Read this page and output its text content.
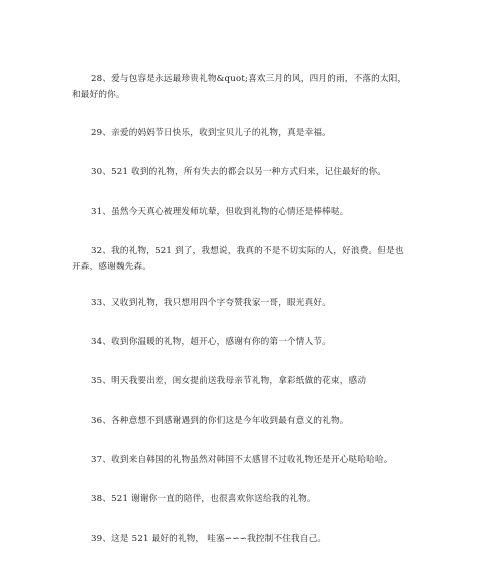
28、爱与包容是永远最珍贵礼物&quot;喜欢三月的风，四月的雨，不落的太阳，
和最好的你。

29、亲爱的妈妈节日快乐，收到宝贝儿子的礼物，真是幸福。

30、521 收到的礼物，所有失去的都会以另一种方式归来，记住最好的你。

31、虽然今天真心被理发师坑辇，但收到礼物的心情还是棒棒哒。

32、我的礼物，521 到了，我想说，我真的不是不切实际的人，好浪费。但是也
开森，感谢魏先森。

33、又收到礼物，我只想用四个字夸赞我家一哥，眼光真好。

34、收到你温暖的礼物，超开心，感谢有你的第一个情人节。

35、明天我要出差，闺女提前送我母亲节礼物，拿彩纸做的花束，感动

36、各种意想不到感谢遇到的你们这是今年收到最有意义的礼物。

37、收到来自韩国的礼物虽然对韩国不太感冒不过收礼物还是开心哒哈哈哈。

38、521 谢谢你一直的陪伴，也很喜欢你送给我的礼物。

39、这是 521 最好的礼物， 哇塞∽∽∽我控制不住我自己。
